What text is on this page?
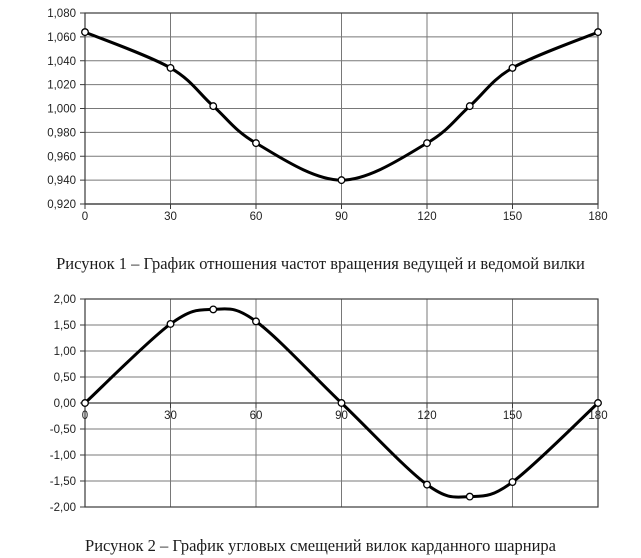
1,080
1,060
1,040
1,020
1,000
0,980
0,960
0,940
0,920
0	30	60	90	120	150	180
Рисунок 1 – График отношения частот вращения ведущей и ведомой вилки
2,00
1,50
1,00
0,50
0,00
-0,50
-1,00
-1,50
-2,00
0	30	60	90	120	150	180
Рисунок 2 – График угловых смещений вилок карданного шарнира
